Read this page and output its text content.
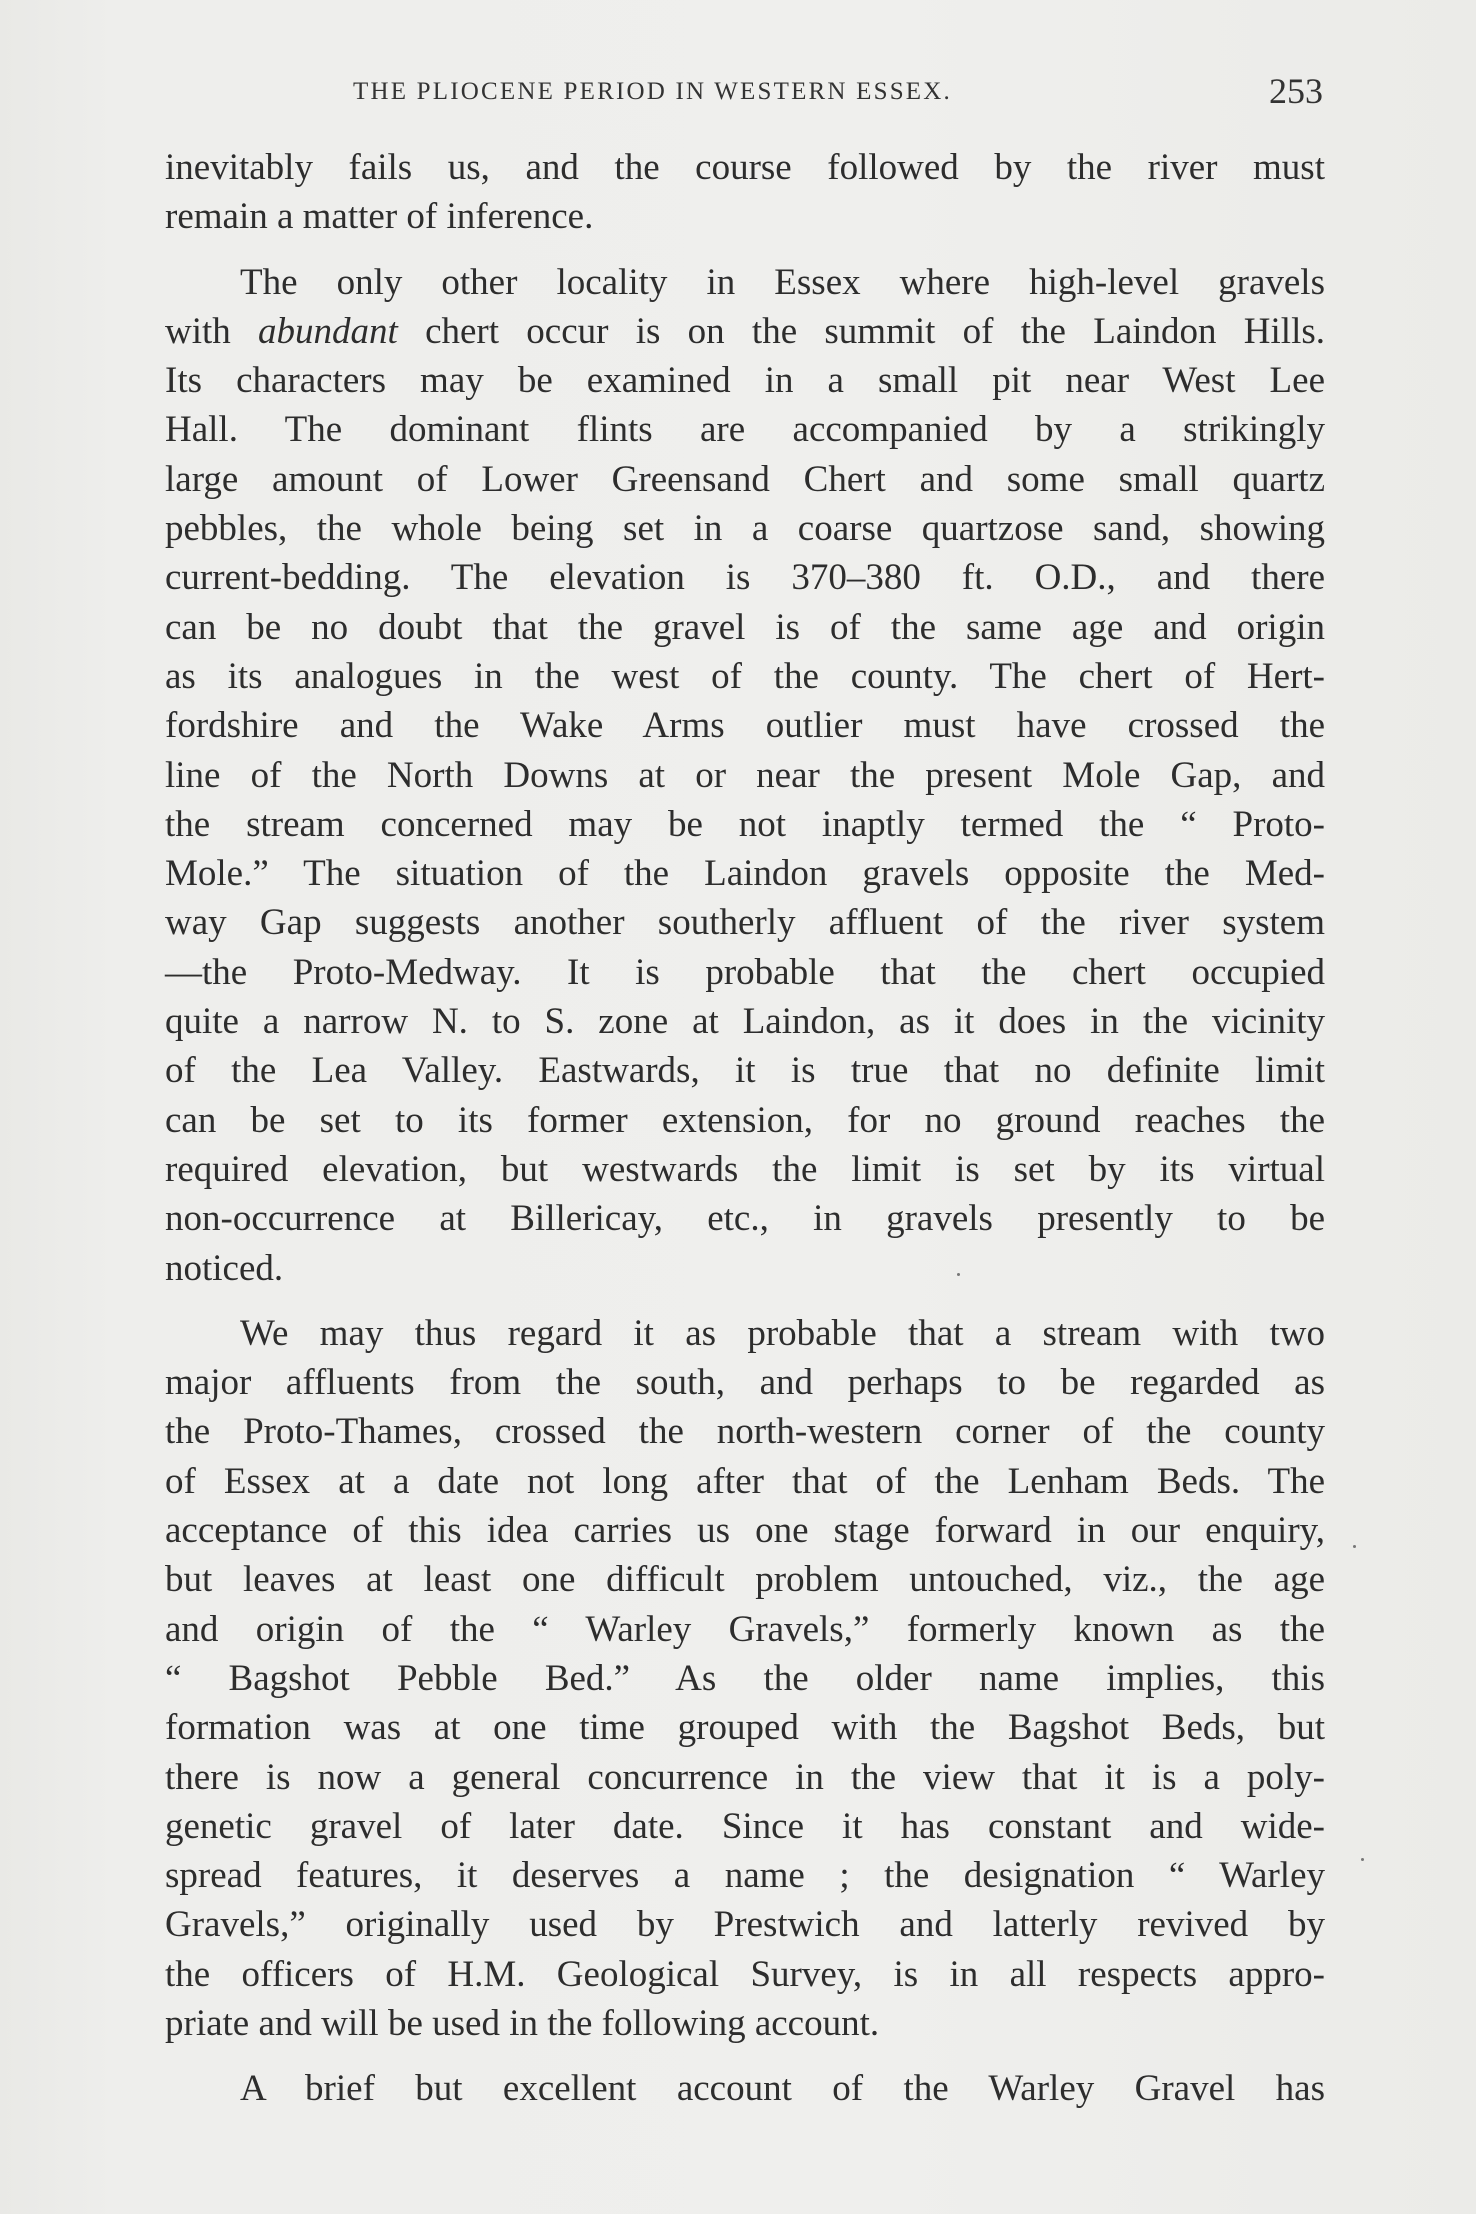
THE PLIOCENE PERIOD IN WESTERN ESSEX.	253
inevitably fails us, and the course followed by the river must
remain a matter of inference.
The only other locality in Essex where high-level gravels
with abundant chert occur is on the summit of the Laindon Hills.
Its characters may be examined in a small pit near West Lee
Hall. The dominant flints are accompanied by a strikingly
large amount of Lower Greensand Chert and some small quartz
pebbles, the whole being set in a coarse quartzose sand, showing
current-bedding. The elevation is 370–380 ft. O.D., and there
can be no doubt that the gravel is of the same age and origin
as its analogues in the west of the county. The chert of Hert-
fordshire and the Wake Arms outlier must have crossed the
line of the North Downs at or near the present Mole Gap, and
the stream concerned may be not inaptly termed the “ Proto-
Mole.” The situation of the Laindon gravels opposite the Med-
way Gap suggests another southerly affluent of the river system
—the Proto-Medway. It is probable that the chert occupied
quite a narrow N. to S. zone at Laindon, as it does in the vicinity
of the Lea Valley. Eastwards, it is true that no definite limit
can be set to its former extension, for no ground reaches the
required elevation, but westwards the limit is set by its virtual
non-occurrence at Billericay, etc., in gravels presently to be
noticed.
We may thus regard it as probable that a stream with two
major affluents from the south, and perhaps to be regarded as
the Proto-Thames, crossed the north-western corner of the county
of Essex at a date not long after that of the Lenham Beds. The
acceptance of this idea carries us one stage forward in our enquiry,
but leaves at least one difficult problem untouched, viz., the age
and origin of the “ Warley Gravels,” formerly known as the
“ Bagshot Pebble Bed.” As the older name implies, this
formation was at one time grouped with the Bagshot Beds, but
there is now a general concurrence in the view that it is a poly-
genetic gravel of later date. Since it has constant and wide-
spread features, it deserves a name ; the designation “ Warley
Gravels,” originally used by Prestwich and latterly revived by
the officers of H.M. Geological Survey, is in all respects appro-
priate and will be used in the following account.
A brief but excellent account of the Warley Gravel has
